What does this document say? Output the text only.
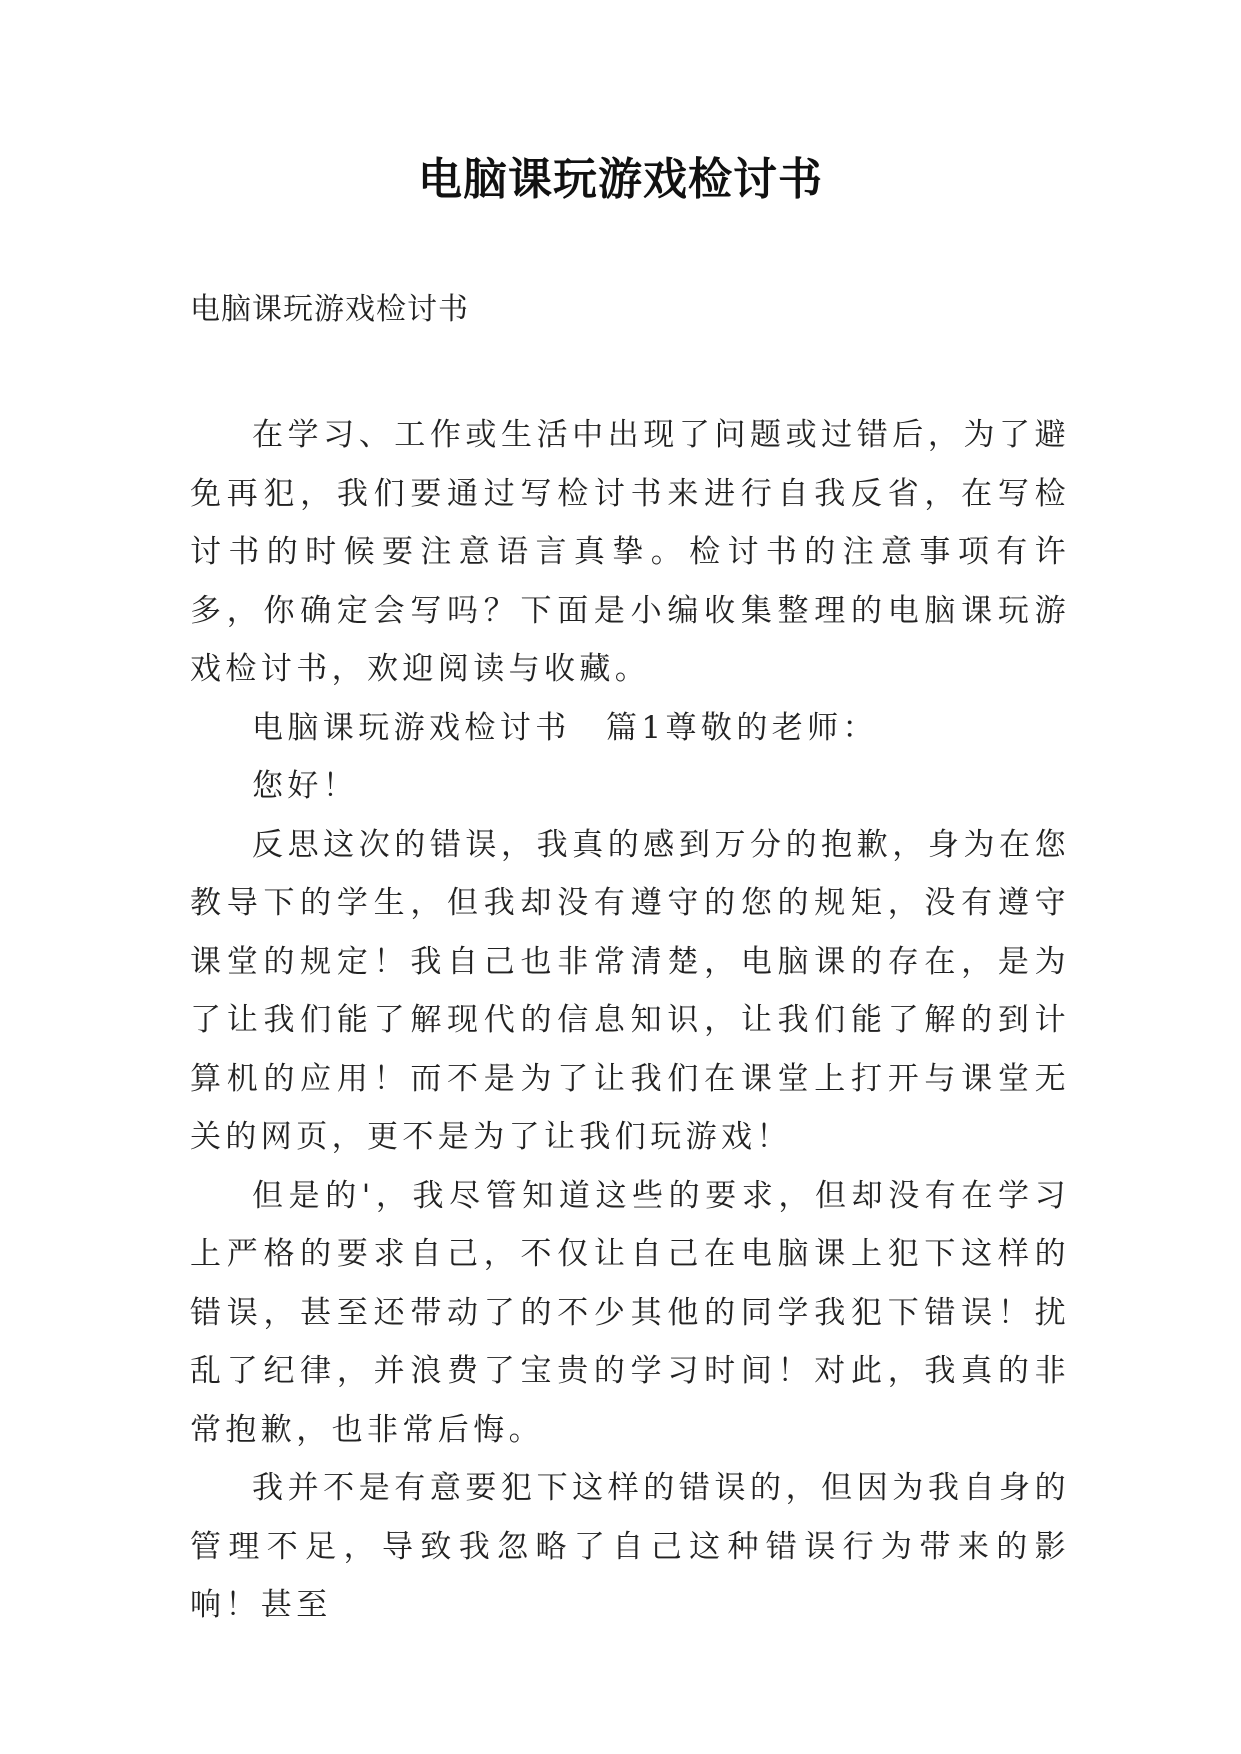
电脑课玩游戏检讨书
电脑课玩游戏检讨书

在学习、工作或生活中出现了问题或过错后，为了避免再犯，我们要通过写检讨书来进行自我反省，在写检讨书的时候要注意语言真挚。检讨书的注意事项有许多，你确定会写吗？下面是小编收集整理的电脑课玩游戏检讨书，欢迎阅读与收藏。

电脑课玩游戏检讨书　篇1尊敬的老师：

您好！

反思这次的错误，我真的感到万分的抱歉，身为在您教导下的学生，但我却没有遵守的您的规矩，没有遵守课堂的规定！我自己也非常清楚，电脑课的存在，是为了让我们能了解现代的信息知识，让我们能了解的到计算机的应用！而不是为了让我们在课堂上打开与课堂无关的网页，更不是为了让我们玩游戏！

但是的'，我尽管知道这些的要求，但却没有在学习上严格的要求自己，不仅让自己在电脑课上犯下这样的错误，甚至还带动了的不少其他的同学我犯下错误！扰乱了纪律，并浪费了宝贵的学习时间！对此，我真的非常抱歉，也非常后悔。

我并不是有意要犯下这样的错误的，但因为我自身的管理不足，导致我忽略了自己这种错误行为带来的影响！甚至
